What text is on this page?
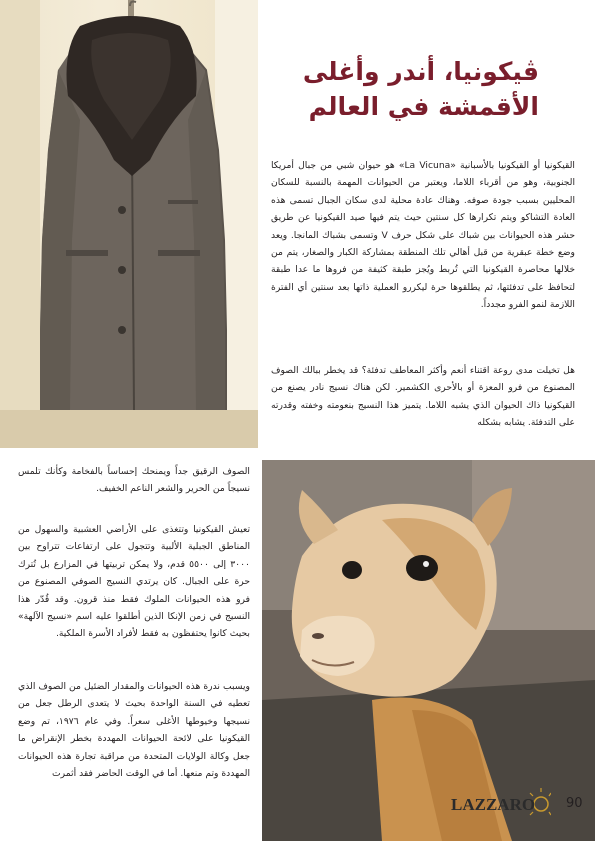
ڤيكونيا، أندر وأغلى الأقمشة في العالم

القيكونيا أو القيكونيا بالأسبانية «La Vicuna» هو حيوان شبي من جبال أمريكا الجنوبية، وهو من أقرباء اللاما، ويعتبر من الحيوانات المهمة بالنسبة للسكان المحليين بسبب جودة صوفه. وهناك عادة محلية لدى سكان الجبال تسمى هذه العادة التشاكو ويتم تكرارها كل سنتين حيث يتم فيها صيد القيكونيا عن طريق حشر هذه الحيوانات بين شباك على شكل حرف V وتسمى بشباك المانجا. ويعد وضع خطة عبقرية من قبل أهالي تلك المنطقة بمشاركة الكبار والصغار، يتم من خلالها محاصرة القيكونيا التي تُربط ويُجز طبقة كثيفة من فروها ما عدا طبقة لتحافظ على تدفئتها، ثم يطلقوها حرة ليكررو العملية ذاتها بعد سنتين أي الفترة اللازمة لنمو الفرو مجدداً.

هل تخيلت مدى روعة اقتناء أنعم وأكثر المعاطف تدفئة؟ قد يخطر ببالك الصوف المصنوع من فرو المعزة أو بالأحرى الكشمير. لكن هناك نسيج نادر يصنع من القيكونيا ذاك الحيوان الذي يشبه اللاما. يتميز هذا النسيج بنعومته وخفته وقدرته على التدفئة. يشابه بشكله

الصوف الرقيق جداً ويمنحك إحساساً بالفخامة وكأنك تلمس نسيجاً من الحرير والشعر الناعم الخفيف.

تعيش القيكونيا وتتغذى على الأراضي العشبية والسهول من المناطق الجبلية الألبية وتتجول على ارتفاعات تتراوح بين ٣٠٠٠ إلى ٥٥٠٠ قدم، ولا يمكن تربيتها في المزارع بل تُترك حرة على الجبال. كان يرتدي النسيج الصوفي المصنوع من فرو هذه الحيوانات الملوك فقط منذ قرون. وقد قُدّر هذا النسيج في زمن الإنكا الذين أطلقوا عليه اسم «نسيج الآلهة» بحيث كانوا يحتفظون به فقط لأفراد الأسرة الملكية.

ويسبب ندرة هذه الحيوانات والمقدار الضئيل من الصوف الذي تعطيه في السنة الواحدة بحيث لا يتعدى الرطل جعل من نسيجها وخيوطها الأغلى سعراً. وفي عام ١٩٧٦، تم وضع القيكونيا على لائحة الحيوانات المهددة بخطر الإنقراض ما جعل وكالة الولايات المتحدة من مراقبة تجارة هذه الحيوانات المهددة وتم منعها. أما في الوقت الحاضر فقد أثمرت

LAZZARO 90
